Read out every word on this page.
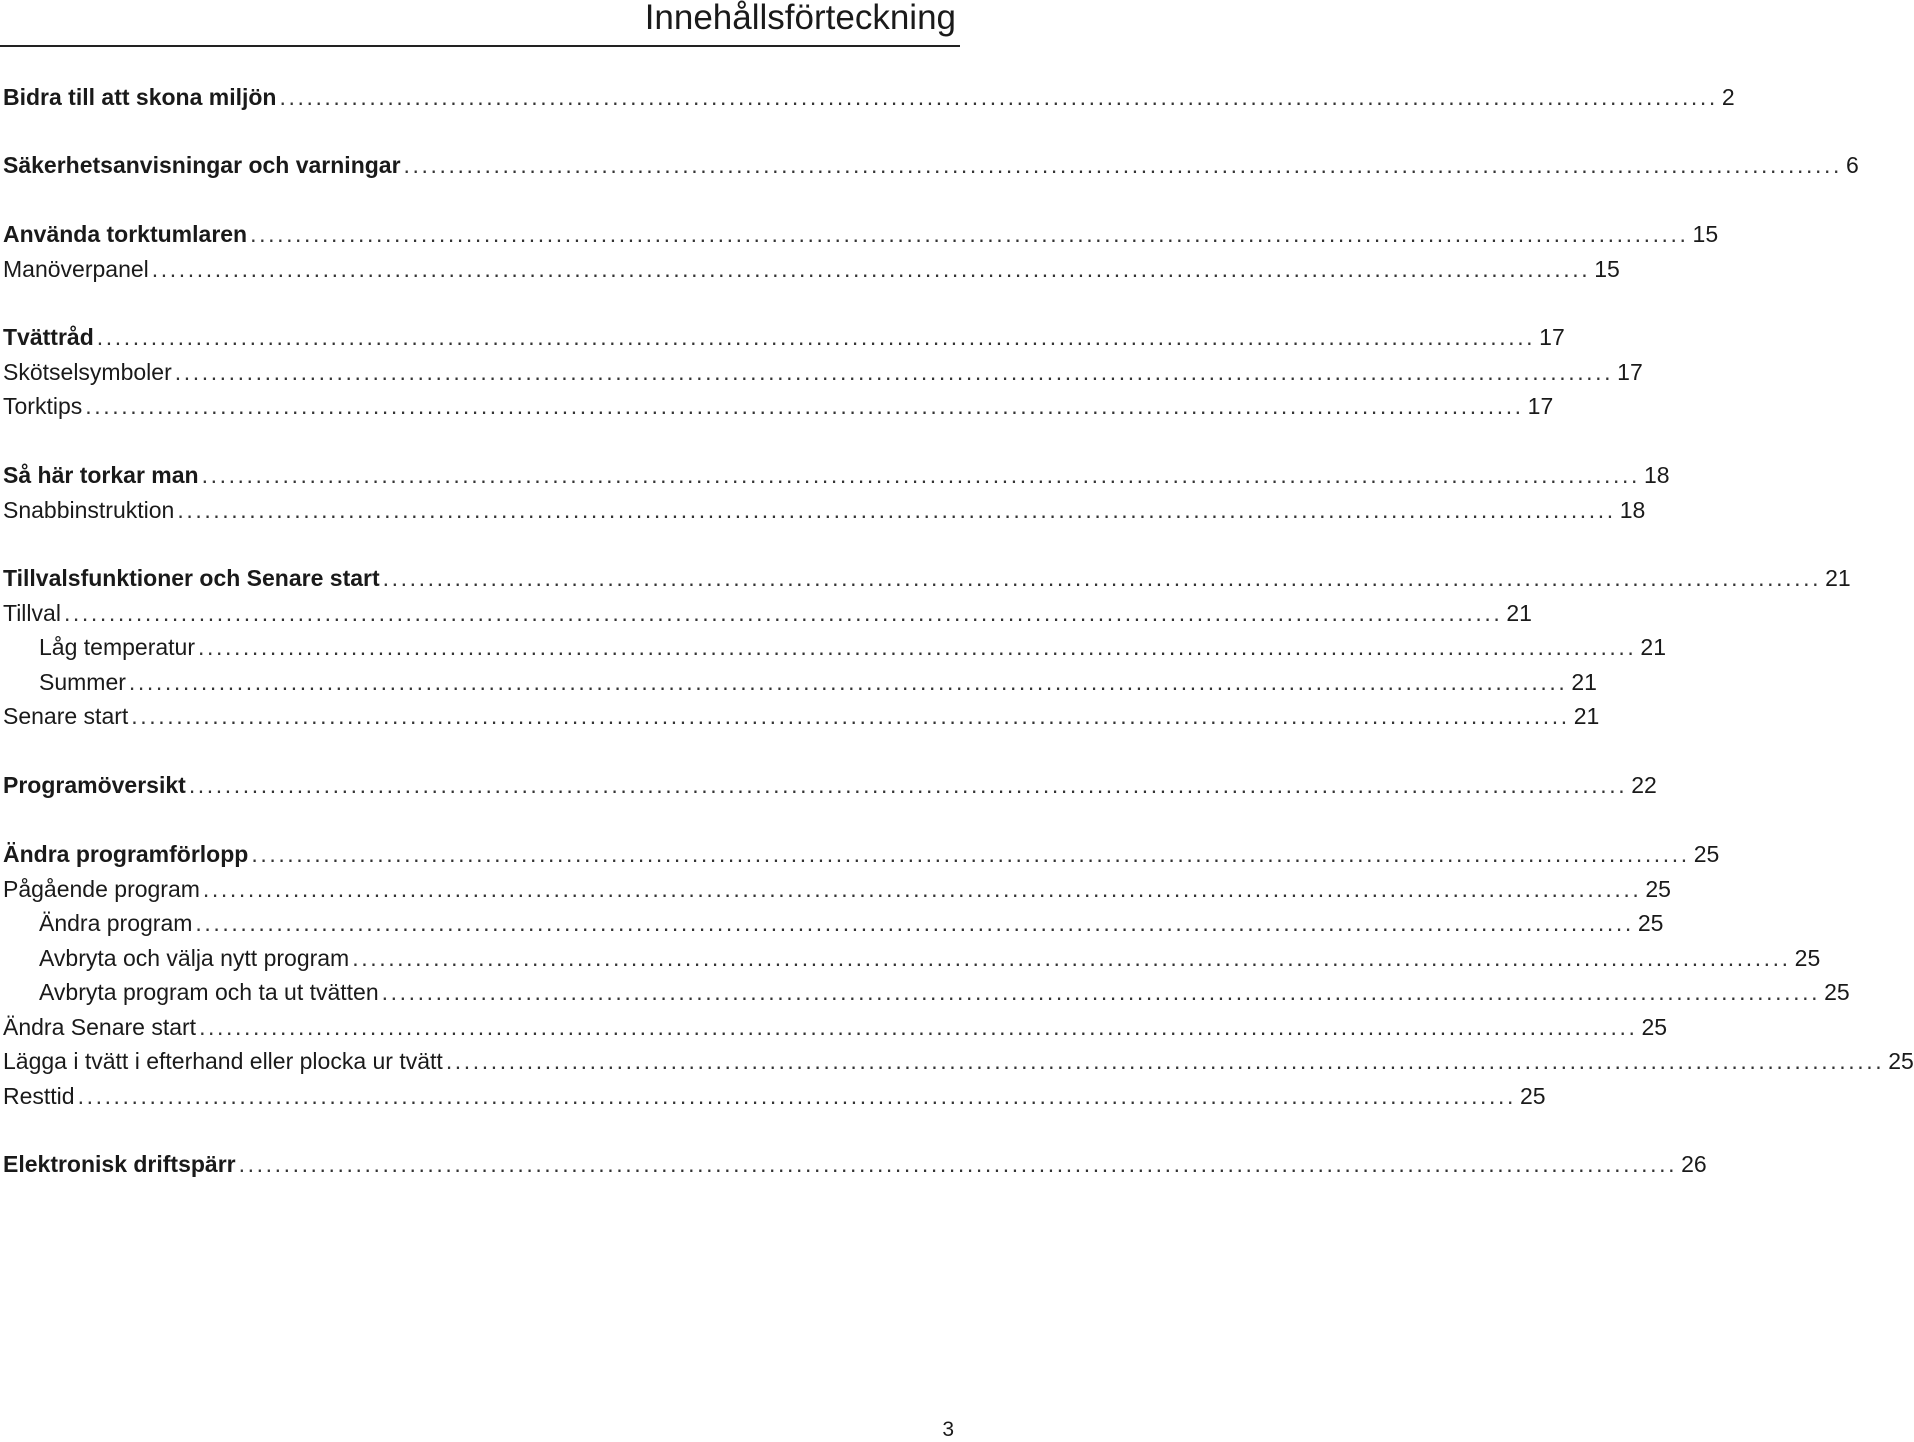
Innehållsförteckning
Bidra till att skona miljön ................................................................................................................................................................ 2
Säkerhetsanvisningar och varningar ................................................................................................................................................................ 6
Använda torktumlaren ................................................................................................................................................................ 15
Manöverpanel ................................................................................................................................................................ 15
Tvättråd ................................................................................................................................................................ 17
Skötselsymboler ................................................................................................................................................................ 17
Torktips ................................................................................................................................................................ 17
Så här torkar man ................................................................................................................................................................ 18
Snabbinstruktion ................................................................................................................................................................ 18
Tillvalsfunktioner och Senare start ................................................................................................................................................................ 21
Tillval ................................................................................................................................................................ 21
Låg temperatur ................................................................................................................................................................ 21
Summer ................................................................................................................................................................ 21
Senare start ................................................................................................................................................................ 21
Programöversikt ................................................................................................................................................................ 22
Ändra programförlopp ................................................................................................................................................................ 25
Pågående program ................................................................................................................................................................ 25
Ändra program ................................................................................................................................................................ 25
Avbryta och välja nytt program ................................................................................................................................................................ 25
Avbryta program och ta ut tvätten ................................................................................................................................................................ 25
Ändra Senare start ................................................................................................................................................................ 25
Lägga i tvätt i efterhand eller plocka ur tvätt ................................................................................................................................................................ 25
Resttid ................................................................................................................................................................ 25
Elektronisk driftspärr ................................................................................................................................................................ 26
3
